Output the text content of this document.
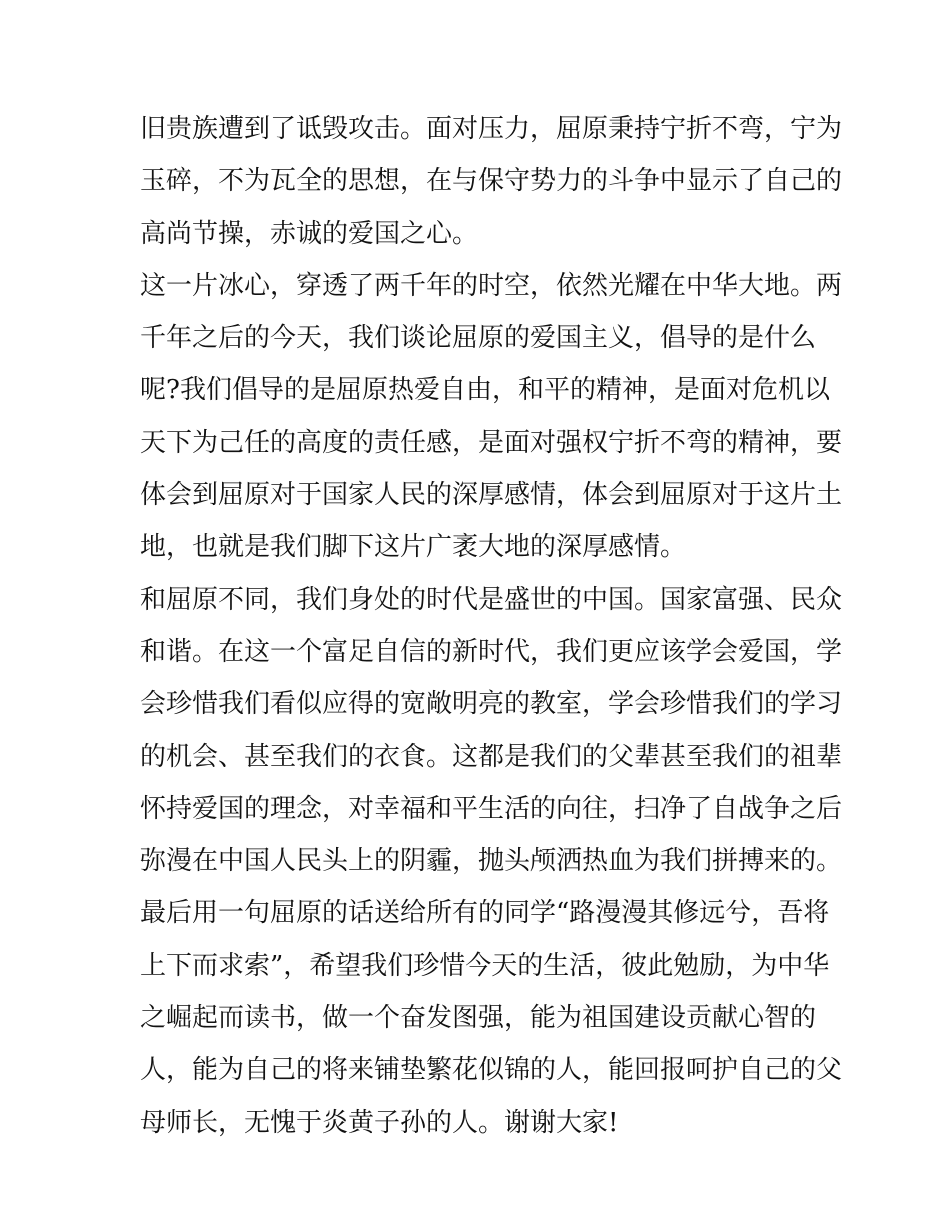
旧贵族遭到了诋毁攻击。面对压力，屈原秉持宁折不弯，宁为
玉碎，不为瓦全的思想，在与保守势力的斗争中显示了自己的
高尚节操，赤诚的爱国之心。
这一片冰心，穿透了两千年的时空，依然光耀在中华大地。两
千年之后的今天，我们谈论屈原的爱国主义，倡导的是什么
呢?我们倡导的是屈原热爱自由，和平的精神，是面对危机以
天下为己任的高度的责任感，是面对强权宁折不弯的精神，要
体会到屈原对于国家人民的深厚感情，体会到屈原对于这片土
地，也就是我们脚下这片广袤大地的深厚感情。
和屈原不同，我们身处的时代是盛世的中国。国家富强、民众
和谐。在这一个富足自信的新时代，我们更应该学会爱国，学
会珍惜我们看似应得的宽敞明亮的教室，学会珍惜我们的学习
的机会、甚至我们的衣食。这都是我们的父辈甚至我们的祖辈
怀持爱国的理念，对幸福和平生活的向往，扫净了自战争之后
弥漫在中国人民头上的阴霾，抛头颅洒热血为我们拼搏来的。
最后用一句屈原的话送给所有的同学“路漫漫其修远兮，吾将
上下而求索”，希望我们珍惜今天的生活，彼此勉励，为中华
之崛起而读书，做一个奋发图强，能为祖国建设贡献心智的
人，能为自己的将来铺垫繁花似锦的人，能回报呵护自己的父
母师长，无愧于炎黄子孙的人。谢谢大家!
